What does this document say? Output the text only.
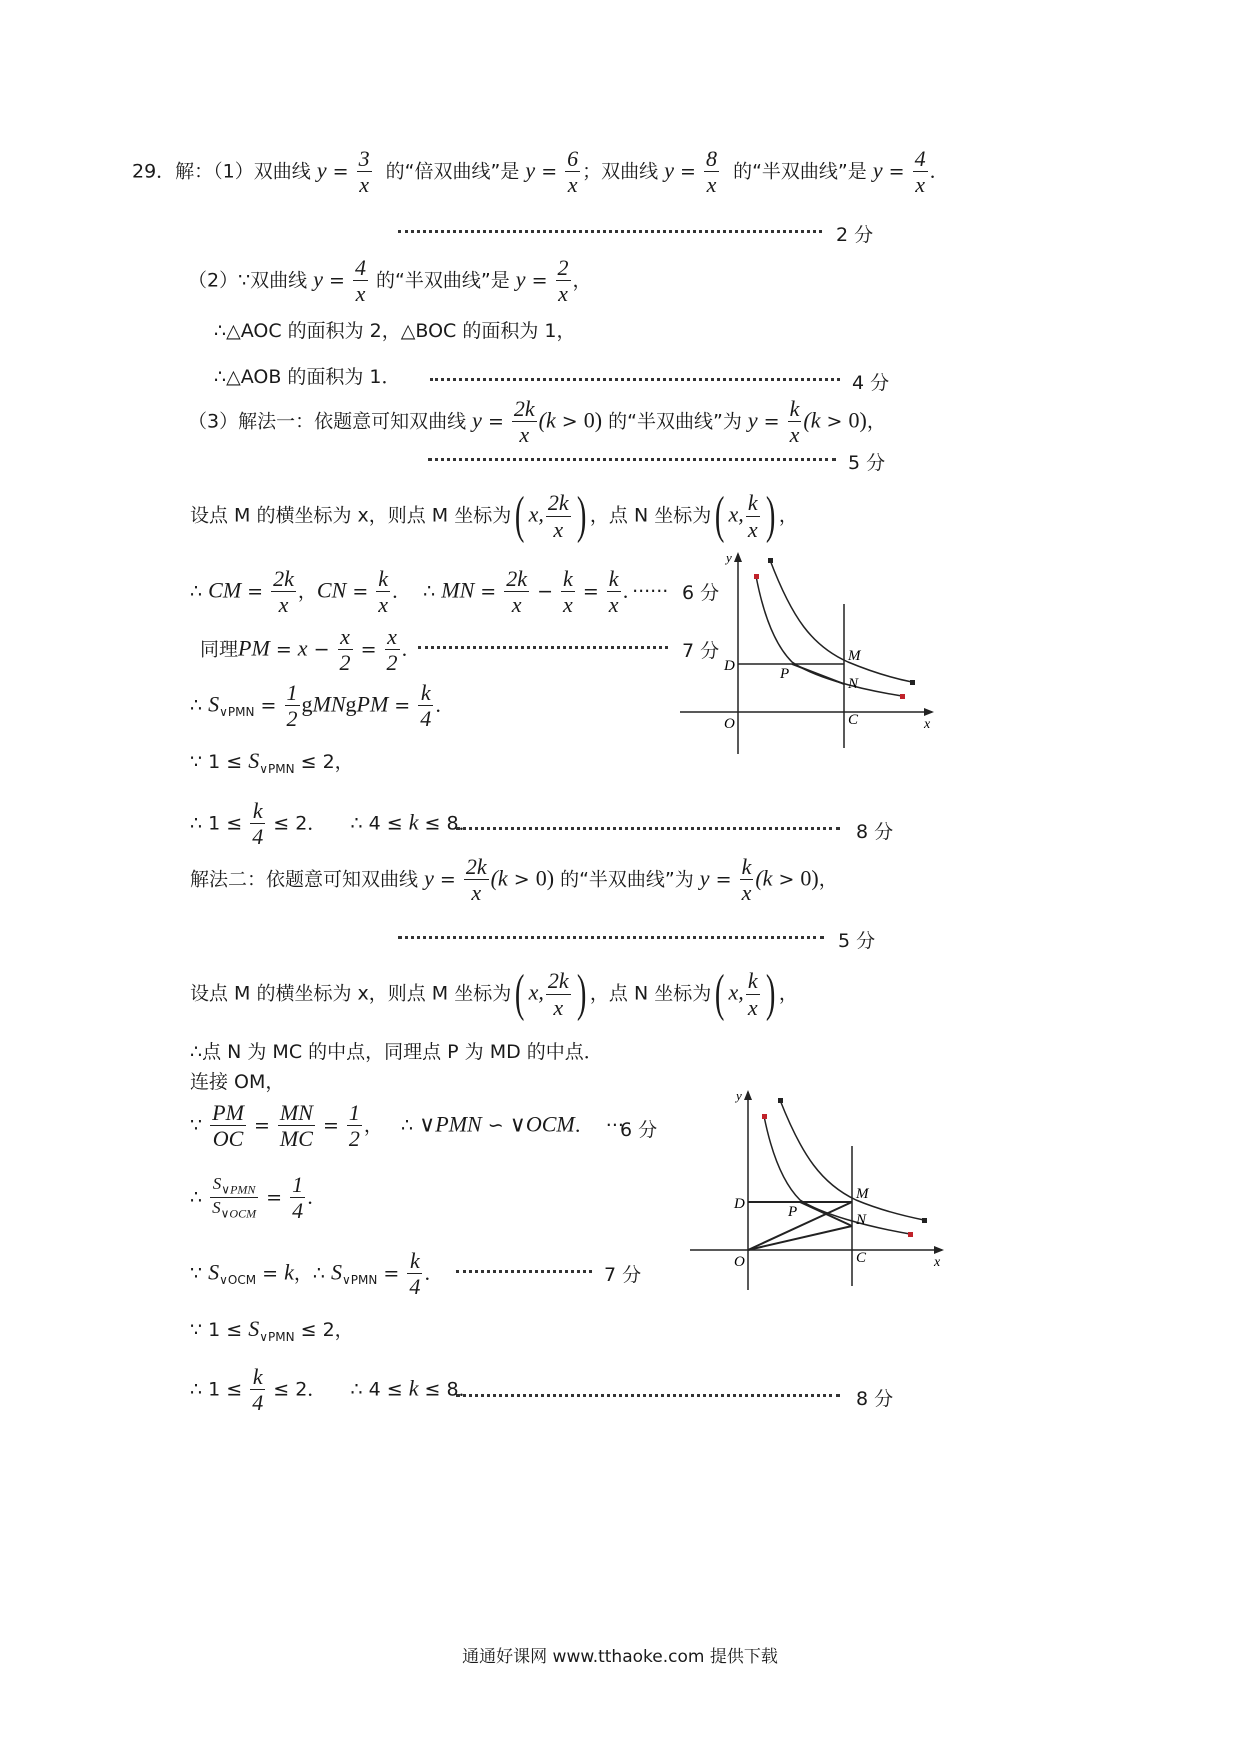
29．解：（1）双曲线 $y = \frac{3}{x}$ 的“倍双曲线”是 $y = \frac{6}{x}$ ；双曲线 $y = \frac{8}{x}$ 的“半双曲线”是 $y = \frac{4}{x}$ ．
2 分
（2）∵双曲线 $y = \frac{4}{x}$ 的“半双曲线”是 $y = \frac{2}{x}$ ，
∴△AOC 的面积为 2，△BOC 的面积为 1，
∴△AOB 的面积为 1．	4 分
（3）解法一：依题意可知双曲线 $y = \frac{2k}{x} (k > 0)$ 的“半双曲线”为 $y = \frac{k}{x} (k > 0)$，
5 分
设点 M 的横坐标为 x，则点 M 坐标为( x, $\frac{2k}{x}$ ) ，点 N 坐标为( x, $\frac{k}{x}$ ) ，
∴ CM = $\frac{2k}{x}$ ，CN = $\frac{k}{x}$ ．  ∴ MN = $\frac{2k}{x} - \frac{k}{x} = \frac{k}{x}$ ．······ 6 分
同理PM = $x - \frac{x}{2} = \frac{x}{2}$ ．	7 分
∴ $S_{\vee PMN} = \frac{1}{2}$ gMNgPM = $\frac{k}{4}$ ．
∵ $1 \le S_{\vee PMN} \le 2$，
∴ $1 \le \frac{k}{4} \le 2$．    ∴ 4 ≤ k ≤ 8．	8 分
解法二：依题意可知双曲线 $y = \frac{2k}{x} (k > 0)$ 的“半双曲线”为 $y = \frac{k}{x} (k > 0)$，
5 分
设点 M 的横坐标为 x，则点 M 坐标为( x, $\frac{2k}{x}$ ) ，点 N 坐标为( x, $\frac{k}{x}$ ) ，
∴点 N 为 MC 的中点，同理点 P 为 MD 的中点．
连接 OM，
∵ $\frac{PM}{OC} = \frac{MN}{MC} = \frac{1}{2}$ ，   ∴ ∨PMN ∽ ∨OCM．  ···
6 分
∴ $\frac{S_{\vee PMN}}{S_{\vee OCM}} = \frac{1}{4}$ ．
∵ $S_{\vee OCM} = k$，∴ $S_{\vee PMN} = \frac{k}{4}$ ．	7 分
∵ $1 \le S_{\vee PMN} \le 2$，
∴ $1 \le \frac{k}{4} \le 2$．    ∴ 4 ≤ k ≤ 8．	8 分
y
x
O	C
D
M
N
P
y
x
O	C
D
M
N
P
通通好课网 www.tthaoke.com 提供下载
